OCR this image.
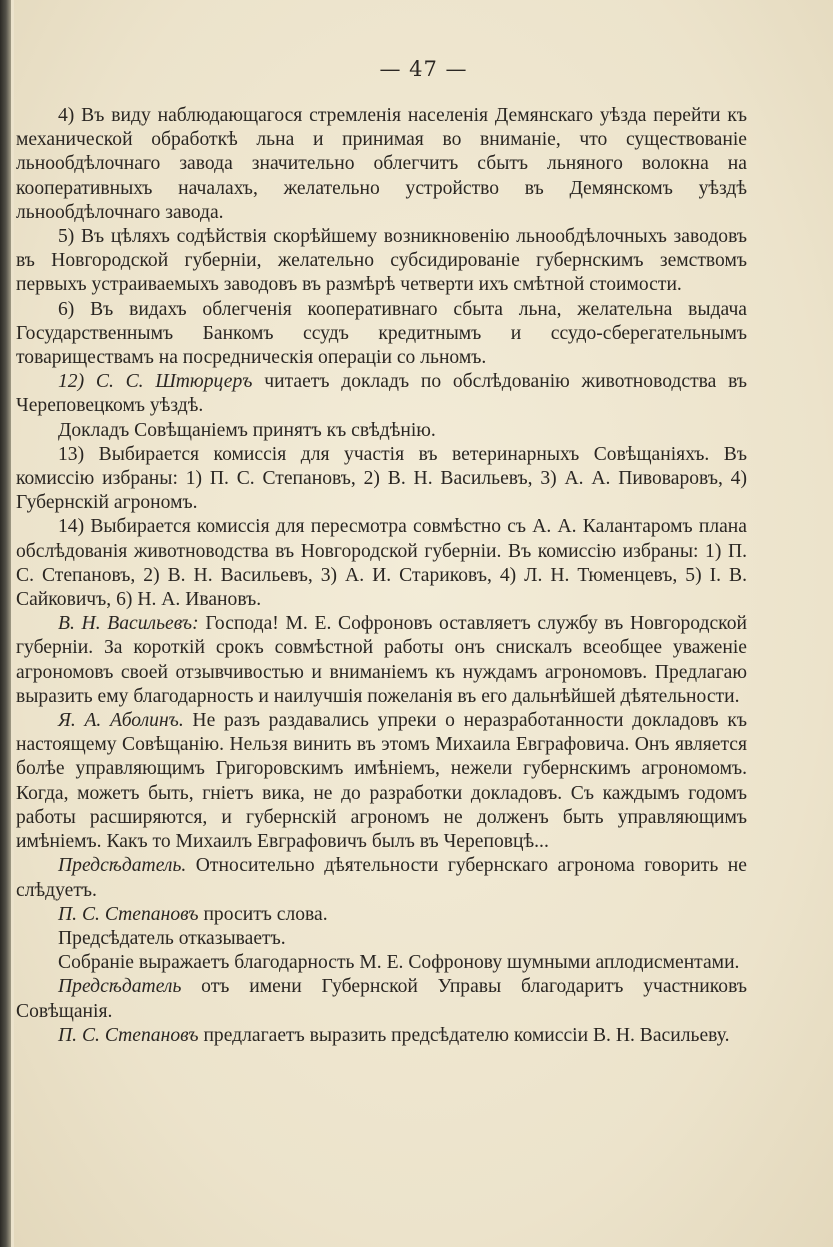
— 47 —

4) Въ виду наблюдающагося стремленія населенія Демянскаго уѣзда перейти къ механической обработкѣ льна и принимая во вниманіе, что существованіе льнообдѣлочнаго завода значительно облегчитъ сбытъ льняного волокна на кооперативныхъ началахъ, желательно устройство въ Демянскомъ уѣздѣ льнообдѣлочнаго завода.

5) Въ цѣляхъ содѣйствія скорѣйшему возникновенію льнообдѣлочныхъ заводовъ въ Новгородской губерніи, желательно субсидированіе губернскимъ земствомъ первыхъ устраиваемыхъ заводовъ въ размѣрѣ четверти ихъ смѣтной стоимости.

6) Въ видахъ облегченія кооперативнаго сбыта льна, желательна выдача Государственнымъ Банкомъ ссудъ кредитнымъ и ссудо-сберегательнымъ товариществамъ на посредническія операціи со льномъ.

12) С. С. Штюрцеръ читаетъ докладъ по обслѣдованію животноводства въ Череповецкомъ уѣздѣ.

Докладъ Совѣщаніемъ принятъ къ свѣдѣнію.

13) Выбирается комиссія для участія въ ветеринарныхъ Совѣщаніяхъ. Въ комиссію избраны: 1) П. С. Степановъ, 2) В. Н. Васильевъ, 3) А. А. Пивоваровъ, 4) Губернскій агрономъ.

14) Выбирается комиссія для пересмотра совмѣстно съ А. А. Калантаромъ плана обслѣдованія животноводства въ Новгородской губерніи. Въ комиссію избраны: 1) П. С. Степановъ, 2) В. Н. Васильевъ, 3) А. И. Стариковъ, 4) Л. Н. Тюменцевъ, 5) І. В. Сайковичъ, 6) Н. А. Ивановъ.

В. Н. Васильевъ: Господа! М. Е. Софроновъ оставляетъ службу въ Новгородской губерніи. За короткій срокъ совмѣстной работы онъ снискалъ всеобщее уваженіе агрономовъ своей отзывчивостью и вниманіемъ къ нуждамъ агрономовъ. Предлагаю выразить ему благодарность и наилучшія пожеланія въ его дальнѣйшей дѣятельности.

Я. А. Аболинъ. Не разъ раздавались упреки о неразработанности докладовъ къ настоящему Совѣщанію. Нельзя винить въ этомъ Михаила Евграфовича. Онъ является болѣе управляющимъ Григоровскимъ имѣніемъ, нежели губернскимъ агрономомъ. Когда, можетъ быть, гніетъ вика, не до разработки докладовъ. Съ каждымъ годомъ работы расширяются, и губернскій агрономъ не долженъ быть управляющимъ имѣніемъ. Какъ то Михаилъ Евграфовичъ былъ въ Череповцѣ...

Предсѣдатель. Относительно дѣятельности губернскаго агронома говорить не слѣдуетъ.

П. С. Степановъ проситъ слова.

Предсѣдатель отказываетъ.

Собраніе выражаетъ благодарность М. Е. Софронову шумными аплодисментами.

Предсѣдатель отъ имени Губернской Управы благодаритъ участниковъ Совѣщанія.

П. С. Степановъ предлагаетъ выразить предсѣдателю комиссіи В. Н. Васильеву.
